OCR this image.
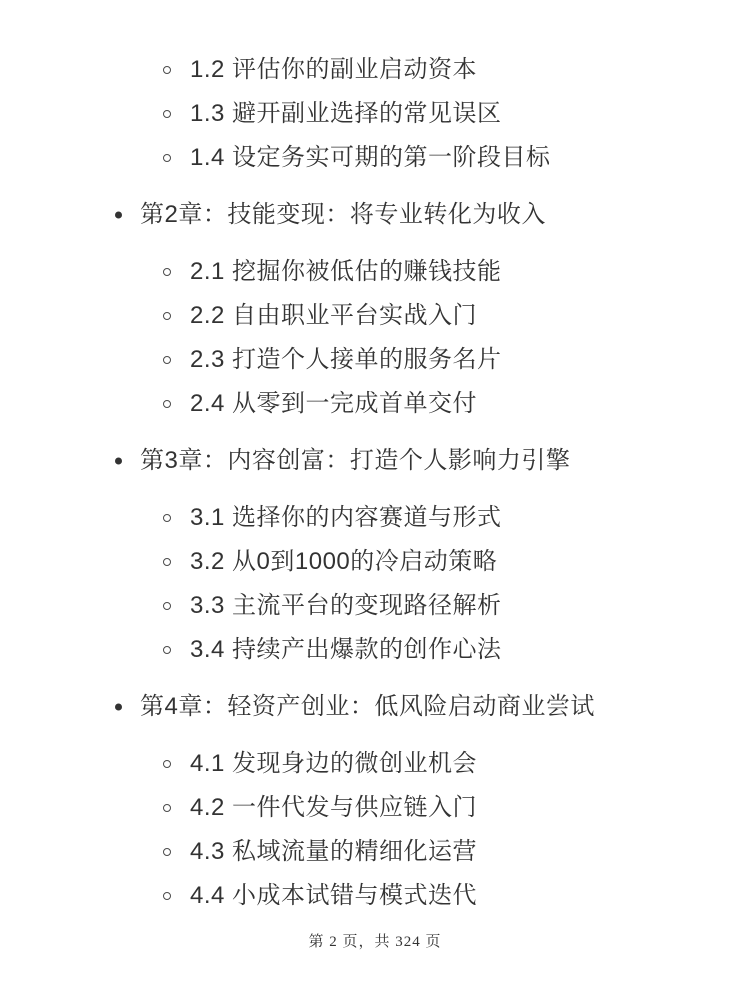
1.2 评估你的副业启动资本
1.3 避开副业选择的常见误区
1.4 设定务实可期的第一阶段目标
第2章：技能变现：将专业转化为收入
2.1 挖掘你被低估的赚钱技能
2.2 自由职业平台实战入门
2.3 打造个人接单的服务名片
2.4 从零到一完成首单交付
第3章：内容创富：打造个人影响力引擎
3.1 选择你的内容赛道与形式
3.2 从0到1000的冷启动策略
3.3 主流平台的变现路径解析
3.4 持续产出爆款的创作心法
第4章：轻资产创业：低风险启动商业尝试
4.1 发现身边的微创业机会
4.2 一件代发与供应链入门
4.3 私域流量的精细化运营
4.4 小成本试错与模式迭代
第 2 页，共 324 页
